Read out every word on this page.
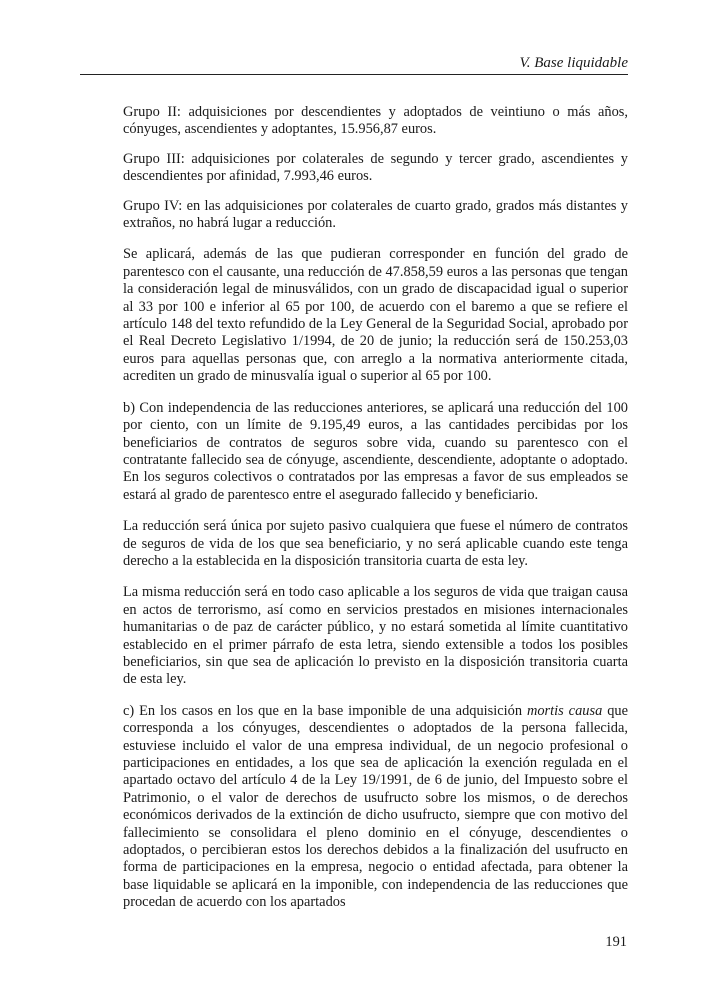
V. Base liquidable

Grupo II: adquisiciones por descendientes y adoptados de veintiuno o más años, cónyuges, ascendientes y adoptantes, 15.956,87 euros.

Grupo III: adquisiciones por colaterales de segundo y tercer grado, ascendientes y descendientes por afinidad, 7.993,46 euros.

Grupo IV: en las adquisiciones por colaterales de cuarto grado, grados más distantes y extraños, no habrá lugar a reducción.

Se aplicará, además de las que pudieran corresponder en función del grado de parentesco con el causante, una reducción de 47.858,59 euros a las personas que tengan la consideración legal de minusválidos, con un grado de discapacidad igual o superior al 33 por 100 e inferior al 65 por 100, de acuerdo con el baremo a que se refiere el artículo 148 del texto refundido de la Ley General de la Seguridad Social, aprobado por el Real Decreto Legislativo 1/1994, de 20 de junio; la reducción será de 150.253,03 euros para aquellas personas que, con arreglo a la normativa anteriormente citada, acrediten un grado de minusvalía igual o superior al 65 por 100.

b) Con independencia de las reducciones anteriores, se aplicará una reducción del 100 por ciento, con un límite de 9.195,49 euros, a las cantidades percibidas por los beneficiarios de contratos de seguros sobre vida, cuando su parentesco con el contratante fallecido sea de cónyuge, ascendiente, descendiente, adoptante o adoptado. En los seguros colectivos o contratados por las empresas a favor de sus empleados se estará al grado de parentesco entre el asegurado fallecido y beneficiario.

La reducción será única por sujeto pasivo cualquiera que fuese el número de contratos de seguros de vida de los que sea beneficiario, y no será aplicable cuando este tenga derecho a la establecida en la disposición transitoria cuarta de esta ley.

La misma reducción será en todo caso aplicable a los seguros de vida que traigan causa en actos de terrorismo, así como en servicios prestados en misiones internacionales humanitarias o de paz de carácter público, y no estará sometida al límite cuantitativo establecido en el primer párrafo de esta letra, siendo extensible a todos los posibles beneficiarios, sin que sea de aplicación lo previsto en la disposición transitoria cuarta de esta ley.

c) En los casos en los que en la base imponible de una adquisición mortis causa que corresponda a los cónyuges, descendientes o adoptados de la persona fallecida, estuviese incluido el valor de una empresa individual, de un negocio profesional o participaciones en entidades, a los que sea de aplicación la exención regulada en el apartado octavo del artículo 4 de la Ley 19/1991, de 6 de junio, del Impuesto sobre el Patrimonio, o el valor de derechos de usufructo sobre los mismos, o de derechos económicos derivados de la extinción de dicho usufructo, siempre que con motivo del fallecimiento se consolidara el pleno dominio en el cónyuge, descendientes o adoptados, o percibieran estos los derechos debidos a la finalización del usufructo en forma de participaciones en la empresa, negocio o entidad afectada, para obtener la base liquidable se aplicará en la imponible, con independencia de las reducciones que procedan de acuerdo con los apartados

191
